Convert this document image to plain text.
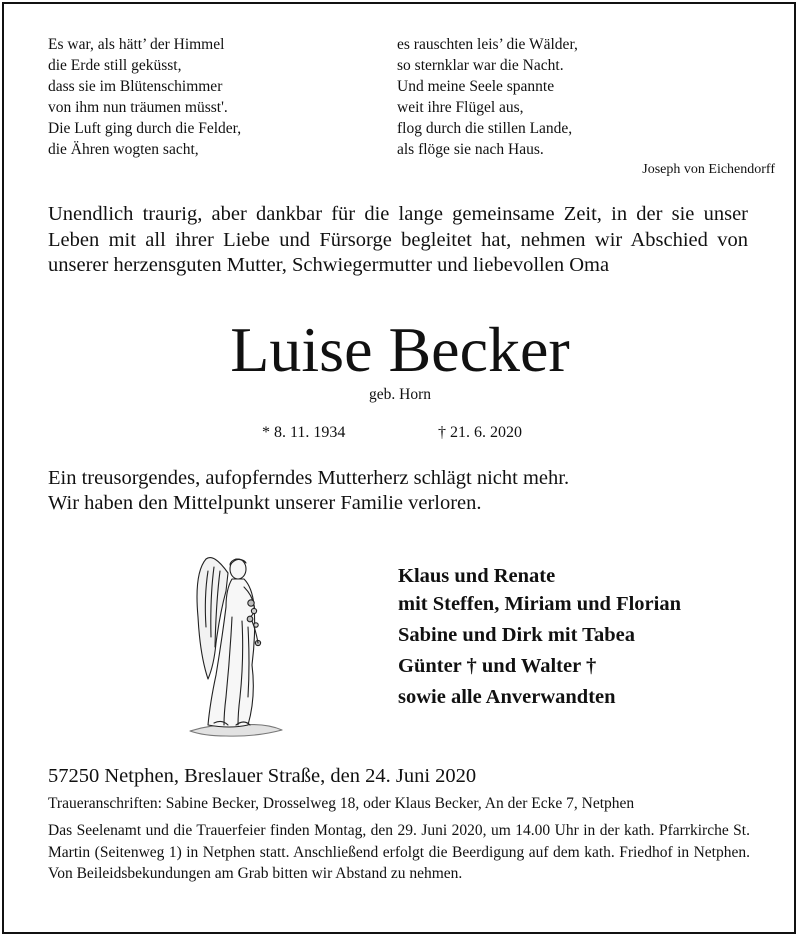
Es war, als hätt’ der Himmel
die Erde still geküsst,
dass sie im Blütenschimmer
von ihm nun träumen müsst'.
Die Luft ging durch die Felder,
die Ähren wogten sacht,
es rauschten leis’ die Wälder,
so sternklar war die Nacht.
Und meine Seele spannte
weit ihre Flügel aus,
flog durch die stillen Lande,
als flöge sie nach Haus.
Joseph von Eichendorff
Unendlich traurig, aber dankbar für die lange gemeinsame Zeit, in der sie unser Leben mit all ihrer Liebe und Fürsorge begleitet hat, nehmen wir Abschied von unserer herzensguten Mutter, Schwiegermutter und liebevollen Oma
Luise Becker
geb. Horn
* 8. 11. 1934	† 21. 6. 2020
Ein treusorgendes, aufopferndes Mutterherz schlägt nicht mehr.
Wir haben den Mittelpunkt unserer Familie verloren.
Klaus und Renate
mit Steffen, Miriam und Florian
Sabine und Dirk mit Tabea
Günter † und Walter †
sowie alle Anverwandten
57250 Netphen, Breslauer Straße, den 24. Juni 2020
Traueranschriften: Sabine Becker, Drosselweg 18, oder Klaus Becker, An der Ecke 7, Netphen
Das Seelenamt und die Trauerfeier finden Montag, den 29. Juni 2020, um 14.00 Uhr in der kath. Pfarrkirche St. Martin (Seitenweg 1) in Netphen statt. Anschließend erfolgt die Beerdigung auf dem kath. Friedhof in Netphen. Von Beileidsbekundungen am Grab bitten wir Abstand zu nehmen.
